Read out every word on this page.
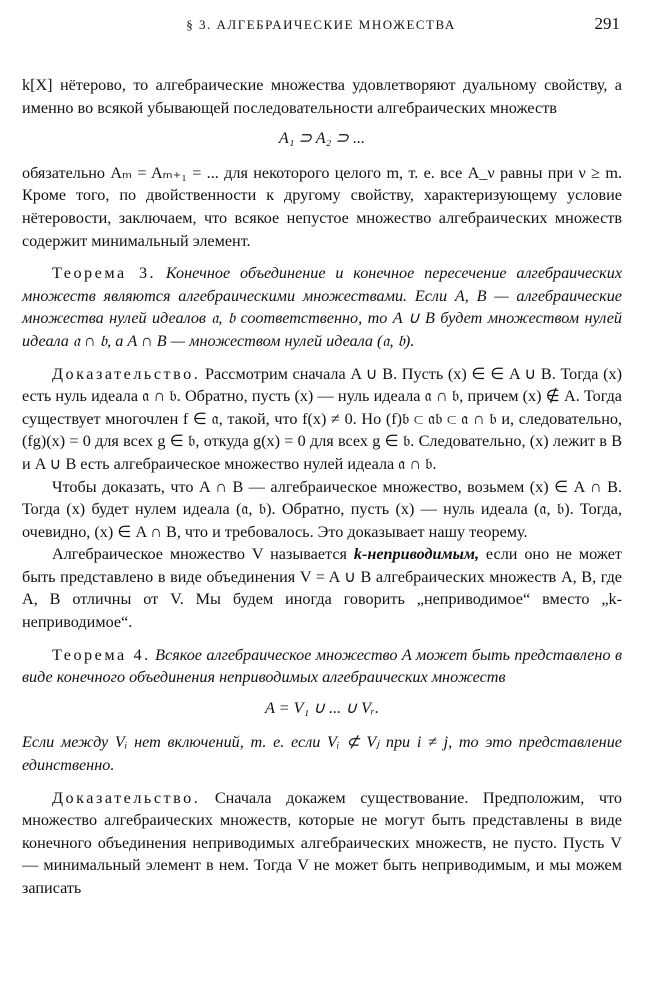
§ 3. АЛГЕБРАИЧЕСКИЕ МНОЖЕСТВА	291

k[X] нётерово, то алгебраические множества удовлетворяют дуальному свойству, а именно во всякой убывающей последовательности алгебраических множеств

A₁ ⊃ A₂ ⊃ ...

обязательно Aₘ = Aₘ₊₁ = ... для некоторого целого m, т. е. все A_ν равны при ν ≥ m. Кроме того, по двойственности к другому свойству, характеризующему условие нётеровости, заключаем, что всякое непустое множество алгебраических множеств содержит минимальный элемент.

Теорема 3. Конечное объединение и конечное пересечение алгебраических множеств являются алгебраическими множествами. Если A, B — алгебраические множества нулей идеалов 𝔞, 𝔟 соответственно, то A ∪ B будет множеством нулей идеала 𝔞 ∩ 𝔟, а A ∩ B — множеством нулей идеала (𝔞, 𝔟).

Доказательство. Рассмотрим сначала A ∪ B. Пусть (x) ∈ ∈ A ∪ B. Тогда (x) есть нуль идеала 𝔞 ∩ 𝔟. Обратно, пусть (x) — нуль идеала 𝔞 ∩ 𝔟, причем (x) ∉ A. Тогда существует многочлен f ∈ 𝔞, такой, что f(x) ≠ 0. Но (f)𝔟 ⊂ 𝔞𝔟 ⊂ 𝔞 ∩ 𝔟 и, следовательно, (fg)(x) = 0 для всех g ∈ 𝔟, откуда g(x) = 0 для всех g ∈ 𝔟. Следовательно, (x) лежит в B и A ∪ B есть алгебраическое множество нулей идеала 𝔞 ∩ 𝔟.

Чтобы доказать, что A ∩ B — алгебраическое множество, возьмем (x) ∈ A ∩ B. Тогда (x) будет нулем идеала (𝔞, 𝔟). Обратно, пусть (x) — нуль идеала (𝔞, 𝔟). Тогда, очевидно, (x) ∈ A ∩ B, что и требовалось. Это доказывает нашу теорему.

Алгебраическое множество V называется k-неприводимым, если оно не может быть представлено в виде объединения V = A ∪ B алгебраических множеств A, B, где A, B отличны от V. Мы будем иногда говорить „неприводимое“ вместо „k-неприводимое“.

Теорема 4. Всякое алгебраическое множество A может быть представлено в виде конечного объединения неприводимых алгебраических множеств

A = V₁ ∪ ... ∪ Vᵣ.

Если между Vᵢ нет включений, т. е. если Vᵢ ⊄ Vⱼ при i ≠ j, то это представление единственно.

Доказательство. Сначала докажем существование. Предположим, что множество алгебраических множеств, которые не могут быть представлены в виде конечного объединения неприводимых алгебраических множеств, не пусто. Пусть V — минимальный элемент в нем. Тогда V не может быть неприводимым, и мы можем записать
